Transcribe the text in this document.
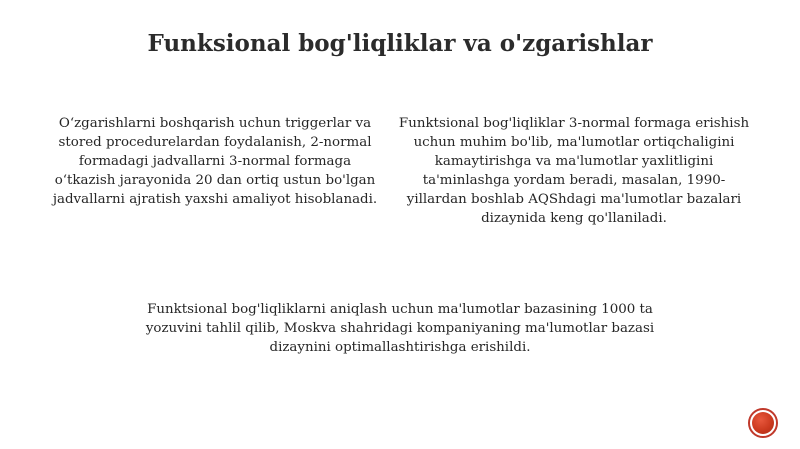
Funksional bog'liqliklar va o'zgarishlar

O‘zgarishlarni boshqarish uchun triggerlar va stored procedurelardan foydalanish, 2-normal formadagi jadvallarni 3-normal formaga o‘tkazish jarayonida 20 dan ortiq ustun bo'lgan jadvallarni ajratish yaxshi amaliyot hisoblanadi.

Funktsional bog'liqliklar 3-normal formaga erishish uchun muhim bo'lib, ma'lumotlar ortiqchaligini kamaytirishga va ma'lumotlar yaxlitligini ta'minlashga yordam beradi, masalan, 1990-yillardan boshlab AQShdagi ma'lumotlar bazalari dizaynida keng qo'llaniladi.

Funktsional bog'liqliklarni aniqlash uchun ma'lumotlar bazasining 1000 ta yozuvini tahlil qilib, Moskva shahridagi kompaniyaning ma'lumotlar bazasi dizaynini optimallashtirishga erishildi.
